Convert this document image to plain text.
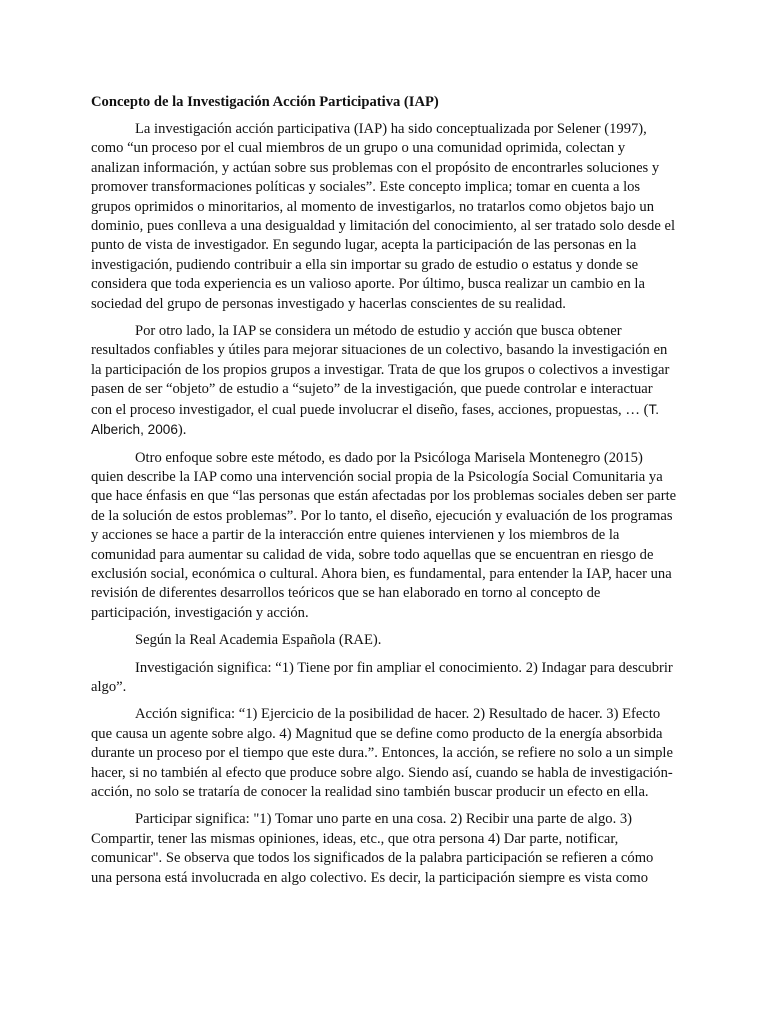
Concepto de la Investigación Acción Participativa (IAP)

La investigación acción participativa (IAP) ha sido conceptualizada por Selener (1997), como “un proceso por el cual miembros de un grupo o una comunidad oprimida, colectan y analizan información, y actúan sobre sus problemas con el propósito de encontrarles soluciones y promover transformaciones políticas y sociales”. Este concepto implica; tomar en cuenta a los grupos oprimidos o minoritarios, al momento de investigarlos, no tratarlos como objetos bajo un dominio, pues conlleva a una desigualdad y limitación del conocimiento, al ser tratado solo desde el punto de vista de investigador. En segundo lugar, acepta la participación de las personas en la investigación, pudiendo contribuir a ella sin importar su grado de estudio o estatus y donde se considera que toda experiencia es un valioso aporte. Por último, busca realizar un cambio en la sociedad del grupo de personas investigado y hacerlas conscientes de su realidad.

Por otro lado, la IAP se considera un método de estudio y acción que busca obtener resultados confiables y útiles para mejorar situaciones de un colectivo, basando la investigación en la participación de los propios grupos a investigar. Trata de que los grupos o colectivos a investigar pasen de ser “objeto” de estudio a “sujeto” de la investigación, que puede controlar e interactuar con el proceso investigador, el cual puede involucrar el diseño, fases, acciones, propuestas, … (T. Alberich, 2006).

Otro enfoque sobre este método, es dado por la Psicóloga Marisela Montenegro (2015) quien describe la IAP como una intervención social propia de la Psicología Social Comunitaria ya que hace énfasis en que “las personas que están afectadas por los problemas sociales deben ser parte de la solución de estos problemas”. Por lo tanto, el diseño, ejecución y evaluación de los programas y acciones se hace a partir de la interacción entre quienes intervienen y los miembros de la comunidad para aumentar su calidad de vida, sobre todo aquellas que se encuentran en riesgo de exclusión social, económica o cultural. Ahora bien, es fundamental, para entender la IAP, hacer una revisión de diferentes desarrollos teóricos que se han elaborado en torno al concepto de participación, investigación y acción.

Según la Real Academia Española (RAE).

Investigación significa: “1) Tiene por fin ampliar el conocimiento. 2) Indagar para descubrir algo”.

Acción significa: “1) Ejercicio de la posibilidad de hacer. 2) Resultado de hacer. 3) Efecto que causa un agente sobre algo. 4) Magnitud que se define como producto de la energía absorbida durante un proceso por el tiempo que este dura.”. Entonces, la acción, se refiere no solo a un simple hacer, si no también al efecto que produce sobre algo. Siendo así, cuando se habla de investigación-acción, no solo se trataría de conocer la realidad sino también buscar producir un efecto en ella.

Participar significa: "1) Tomar uno parte en una cosa. 2) Recibir una parte de algo. 3) Compartir, tener las mismas opiniones, ideas, etc., que otra persona 4) Dar parte, notificar, comunicar". Se observa que todos los significados de la palabra participación se refieren a cómo una persona está involucrada en algo colectivo. Es decir, la participación siempre es vista como
